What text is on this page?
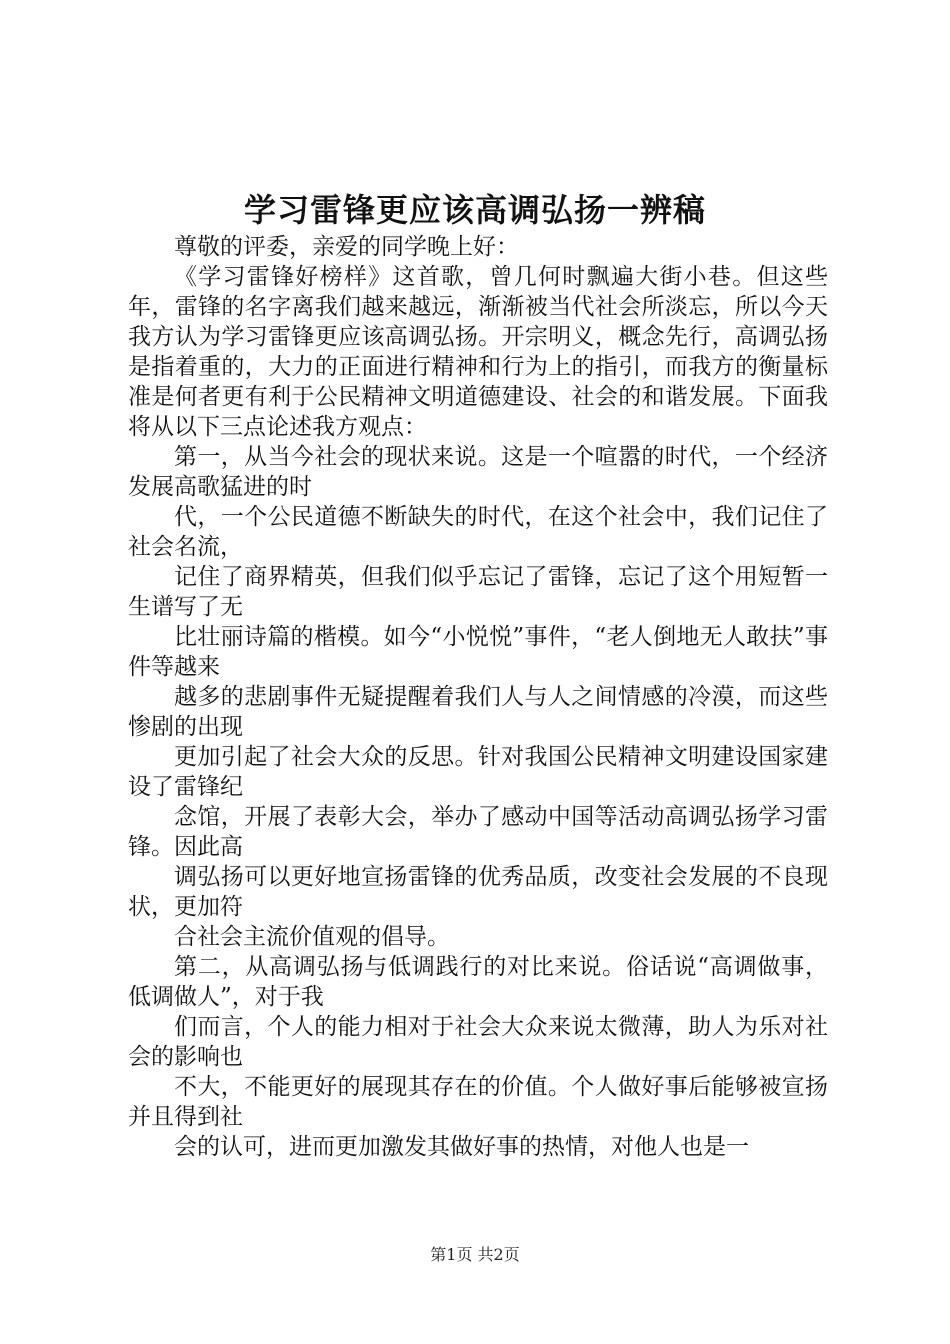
学习雷锋更应该高调弘扬一辨稿

尊敬的评委，亲爱的同学晚上好：

《学习雷锋好榜样》这首歌，曾几何时飘遍大街小巷。但这些年，雷锋的名字离我们越来越远，渐渐被当代社会所淡忘，所以今天我方认为学习雷锋更应该高调弘扬。开宗明义，概念先行，高调弘扬是指着重的，大力的正面进行精神和行为上的指引，而我方的衡量标准是何者更有利于公民精神文明道德建设、社会的和谐发展。下面我将从以下三点论述我方观点：

第一，从当今社会的现状来说。这是一个喧嚣的时代，一个经济发展高歌猛进的时

代，一个公民道德不断缺失的时代，在这个社会中，我们记住了社会名流，

记住了商界精英，但我们似乎忘记了雷锋，忘记了这个用短暂一生谱写了无

比壮丽诗篇的楷模。如今“小悦悦”事件，“老人倒地无人敢扶”事件等越来

越多的悲剧事件无疑提醒着我们人与人之间情感的冷漠，而这些惨剧的出现

更加引起了社会大众的反思。针对我国公民精神文明建设国家建设了雷锋纪

念馆，开展了表彰大会，举办了感动中国等活动高调弘扬学习雷锋。因此高

调弘扬可以更好地宣扬雷锋的优秀品质，改变社会发展的不良现状，更加符

合社会主流价值观的倡导。

第二，从高调弘扬与低调践行的对比来说。俗话说“高调做事，低调做人”，对于我

们而言，个人的能力相对于社会大众来说太微薄，助人为乐对社会的影响也

不大，不能更好的展现其存在的价值。个人做好事后能够被宣扬并且得到社

会的认可，进而更加激发其做好事的热情，对他人也是一

第1页 共2页
